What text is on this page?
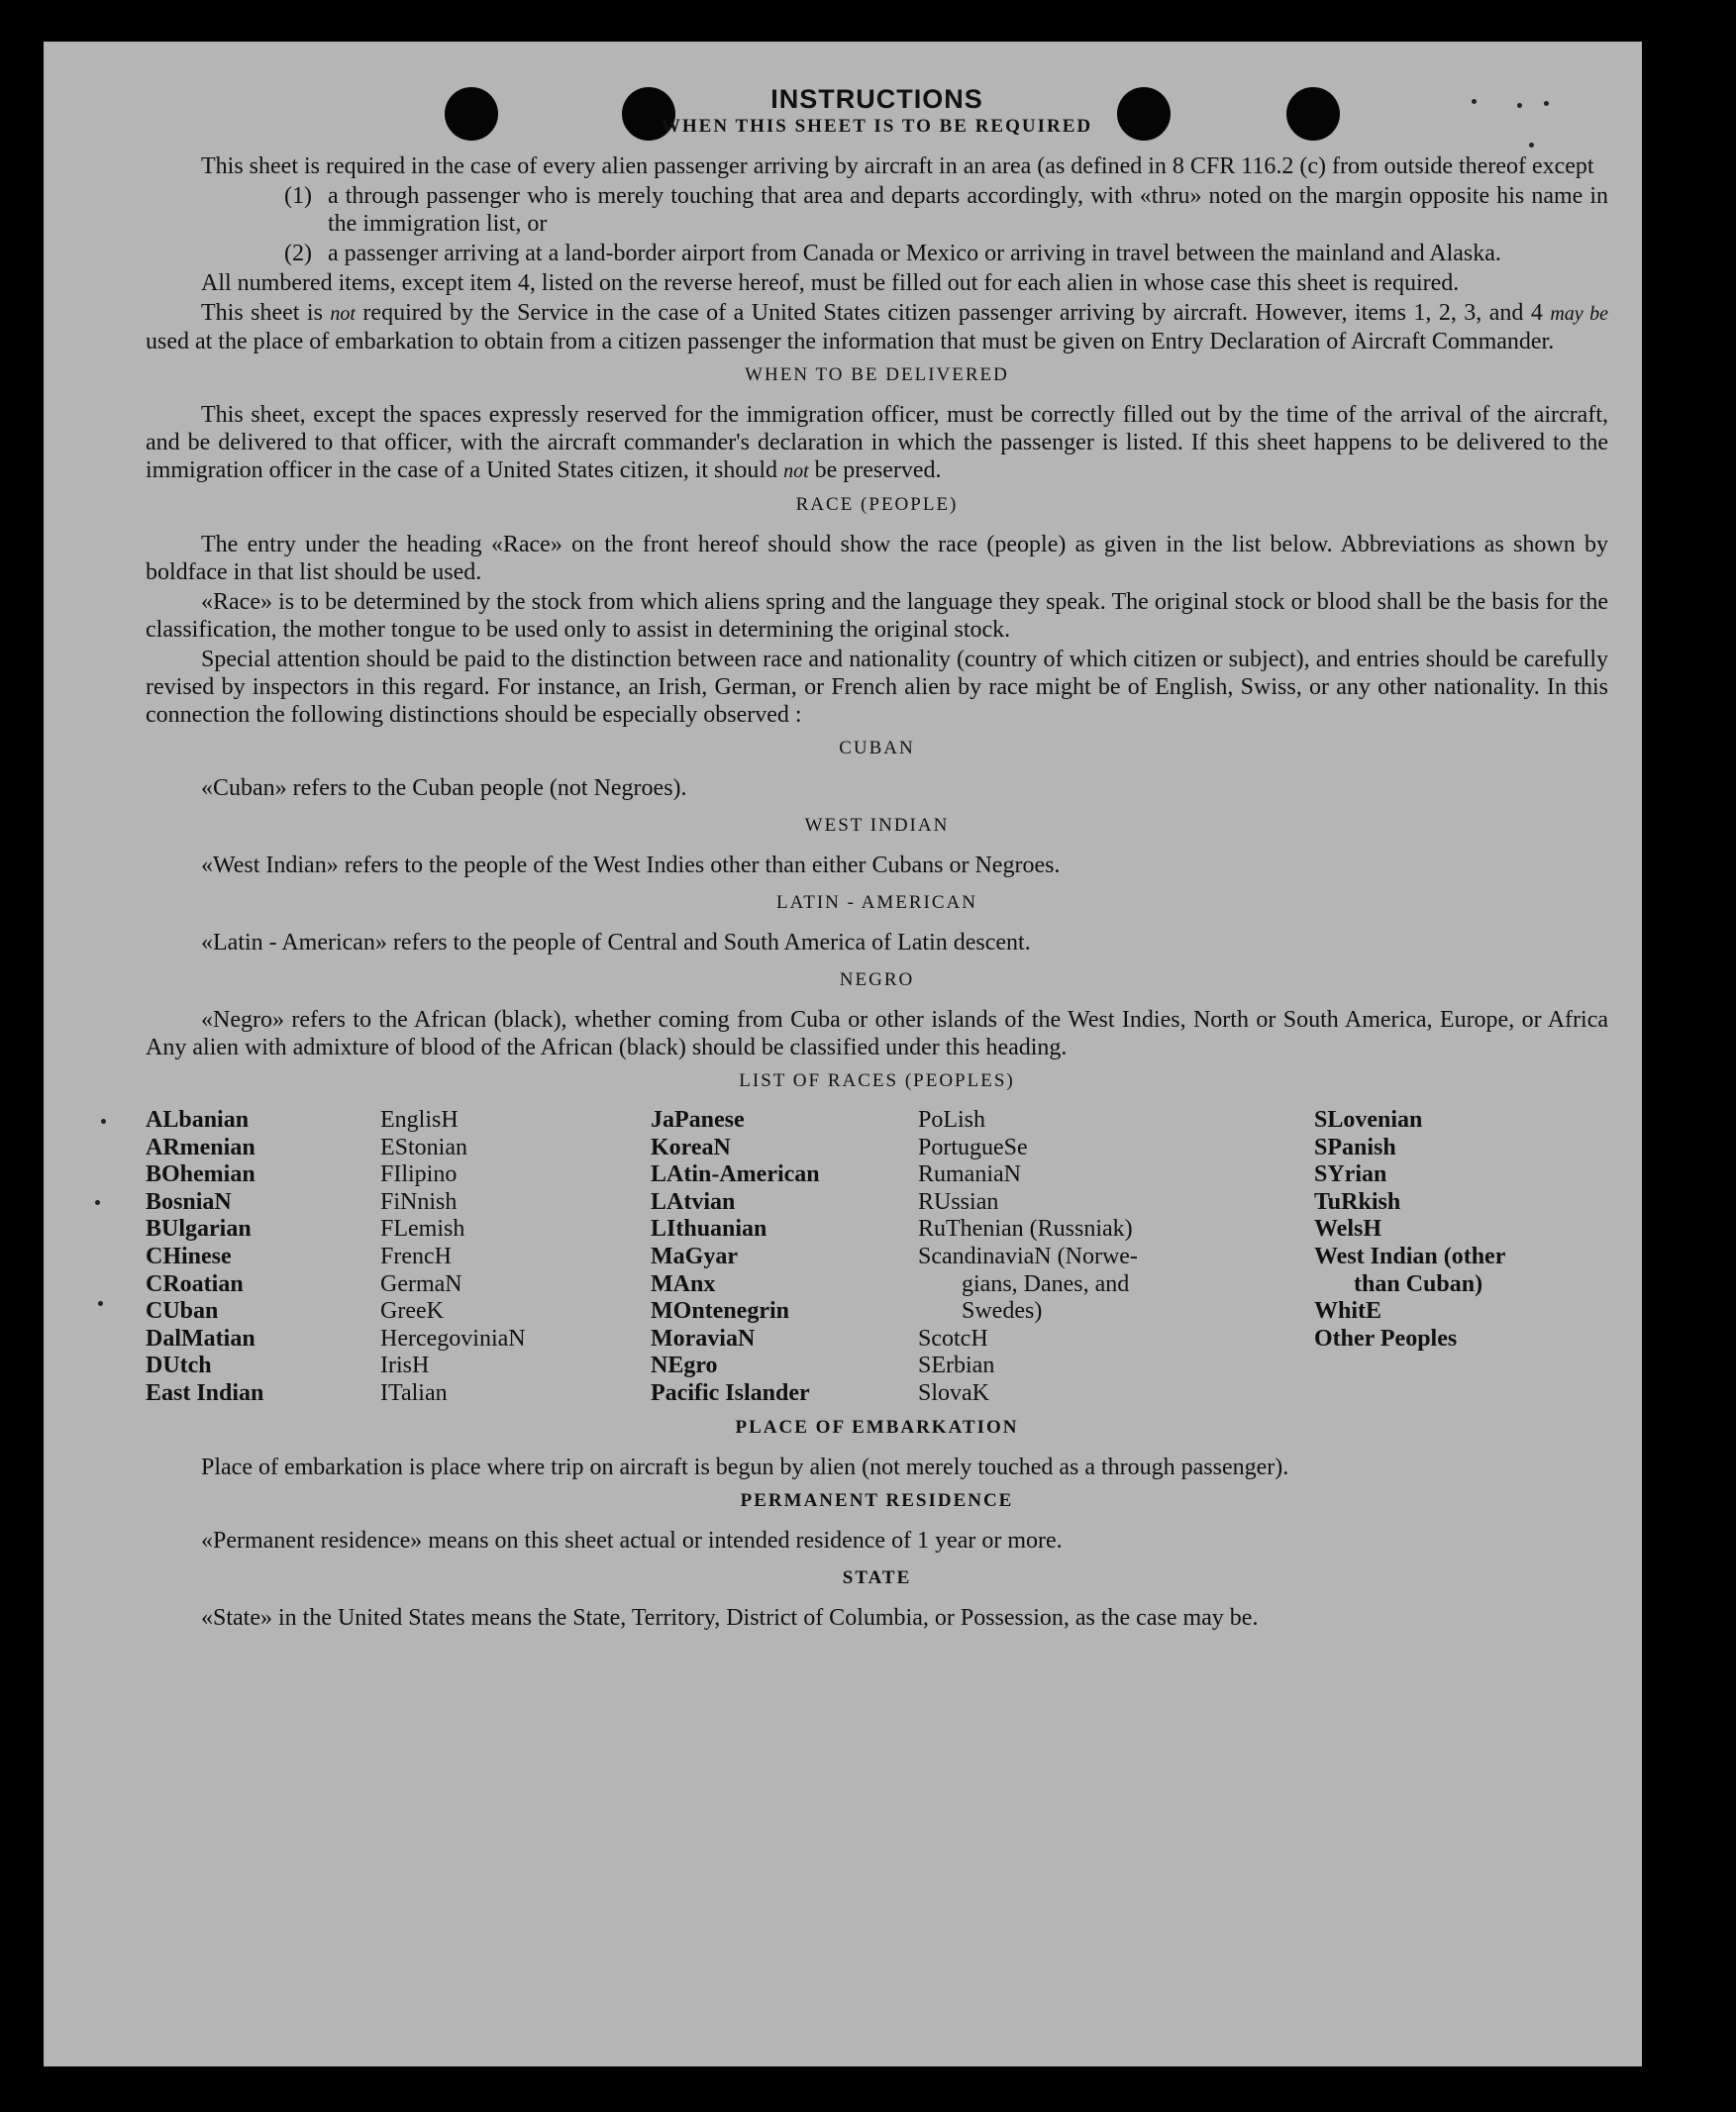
INSTRUCTIONS
WHEN THIS SHEET IS TO BE REQUIRED

This sheet is required in the case of every alien passenger arriving by aircraft in an area (as defined in 8 CFR 116.2 (c) from outside thereof except

(1) a through passenger who is merely touching that area and departs accordingly, with «thru» noted on the margin opposite his name in the immigration list, or
(2) a passenger arriving at a land-border airport from Canada or Mexico or arriving in travel between the mainland and Alaska.

All numbered items, except item 4, listed on the reverse hereof, must be filled out for each alien in whose case this sheet is required.

This sheet is not required by the Service in the case of a United States citizen passenger arriving by aircraft. However, items 1, 2, 3, and 4 may be used at the place of embarkation to obtain from a citizen passenger the information that must be given on Entry Declaration of Aircraft Commander.

WHEN TO BE DELIVERED

This sheet, except the spaces expressly reserved for the immigration officer, must be correctly filled out by the time of the arrival of the aircraft, and be delivered to that officer, with the aircraft commander's declaration in which the passenger is listed. If this sheet happens to be delivered to the immigration officer in the case of a United States citizen, it should not be preserved.

RACE (PEOPLE)

The entry under the heading «Race» on the front hereof should show the race (people) as given in the list below. Abbreviations as shown by boldface in that list should be used.

«Race» is to be determined by the stock from which aliens spring and the language they speak. The original stock or blood shall be the basis for the classification, the mother tongue to be used only to assist in determining the original stock.

Special attention should be paid to the distinction between race and nationality (country of which citizen or subject), and entries should be carefully revised by inspectors in this regard. For instance, an Irish, German, or French alien by race might be of English, Swiss, or any other nationality. In this connection the following distinctions should be especially observed :

CUBAN

«Cuban» refers to the Cuban people (not Negroes).

WEST INDIAN

«West Indian» refers to the people of the West Indies other than either Cubans or Negroes.

LATIN - AMERICAN

«Latin - American» refers to the people of Central and South America of Latin descent.

NEGRO

«Negro» refers to the African (black), whether coming from Cuba or other islands of the West Indies, North or South America, Europe, or Africa Any alien with admixture of blood of the African (black) should be classified under this heading.

LIST OF RACES (PEOPLES)
ALbanian
ARmenian
BOhemian
BosniaN
BUlgarian
CHinese
CRoatian
CUban
DalMatian
DUtch
East Indian
EnglisH
EStonian
FIlipino
FiNnish
FLemish
FrencH
GermaN
GreeK
HercegoviniaN
IrisH
ITalian
JaPanese
KoreaN
LAtin-American
LAtvian
LIthuanian
MaGyar
MAnx
MOntenegrin
MoraviaN
NEgro
Pacific Islander
PoLish
PortugueSe
RumaniaN
RUssian
RuThenian (Russniak)
ScandinaviaN (Norwe-
gians, Danes, and
Swedes)
ScotcH
SErbian
SlovaK
SLovenian
SPanish
SYrian
TuRkish
WelsH
West Indian (other
than Cuban)
WhitE
Other Peoples
PLACE OF EMBARKATION

Place of embarkation is place where trip on aircraft is begun by alien (not merely touched as a through passenger).

PERMANENT RESIDENCE

«Permanent residence» means on this sheet actual or intended residence of 1 year or more.

STATE

«State» in the United States means the State, Territory, District of Columbia, or Possession, as the case may be.
